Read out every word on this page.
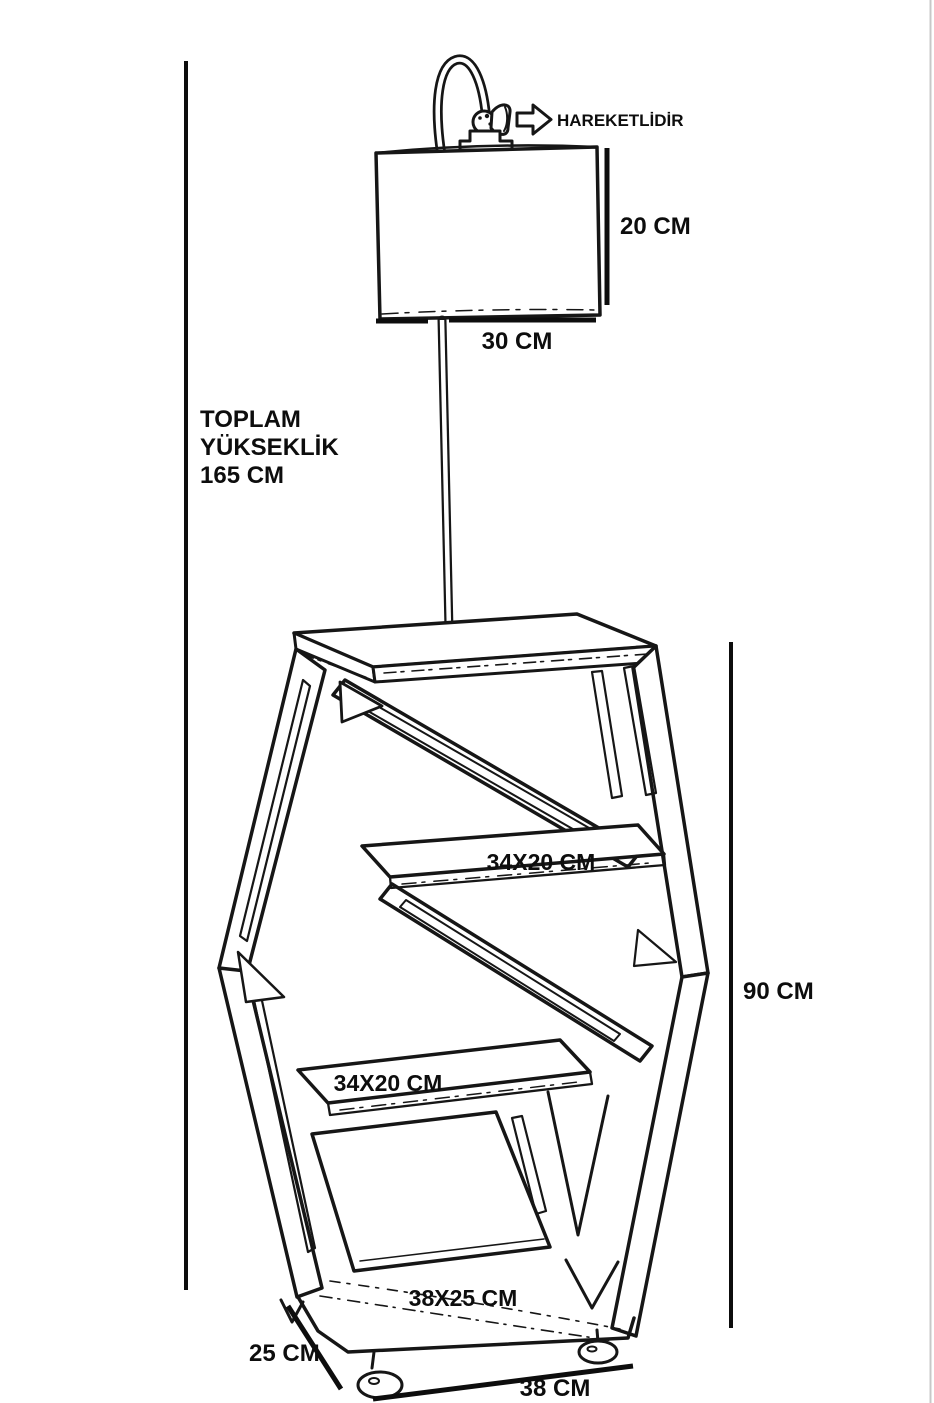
HAREKETLİDİR
20 CM
30 CM
TOPLAM
YÜKSEKLİK
165 CM
34X20 CM
34X20 CM
38X25 CM
90 CM
25 CM
38 CM
